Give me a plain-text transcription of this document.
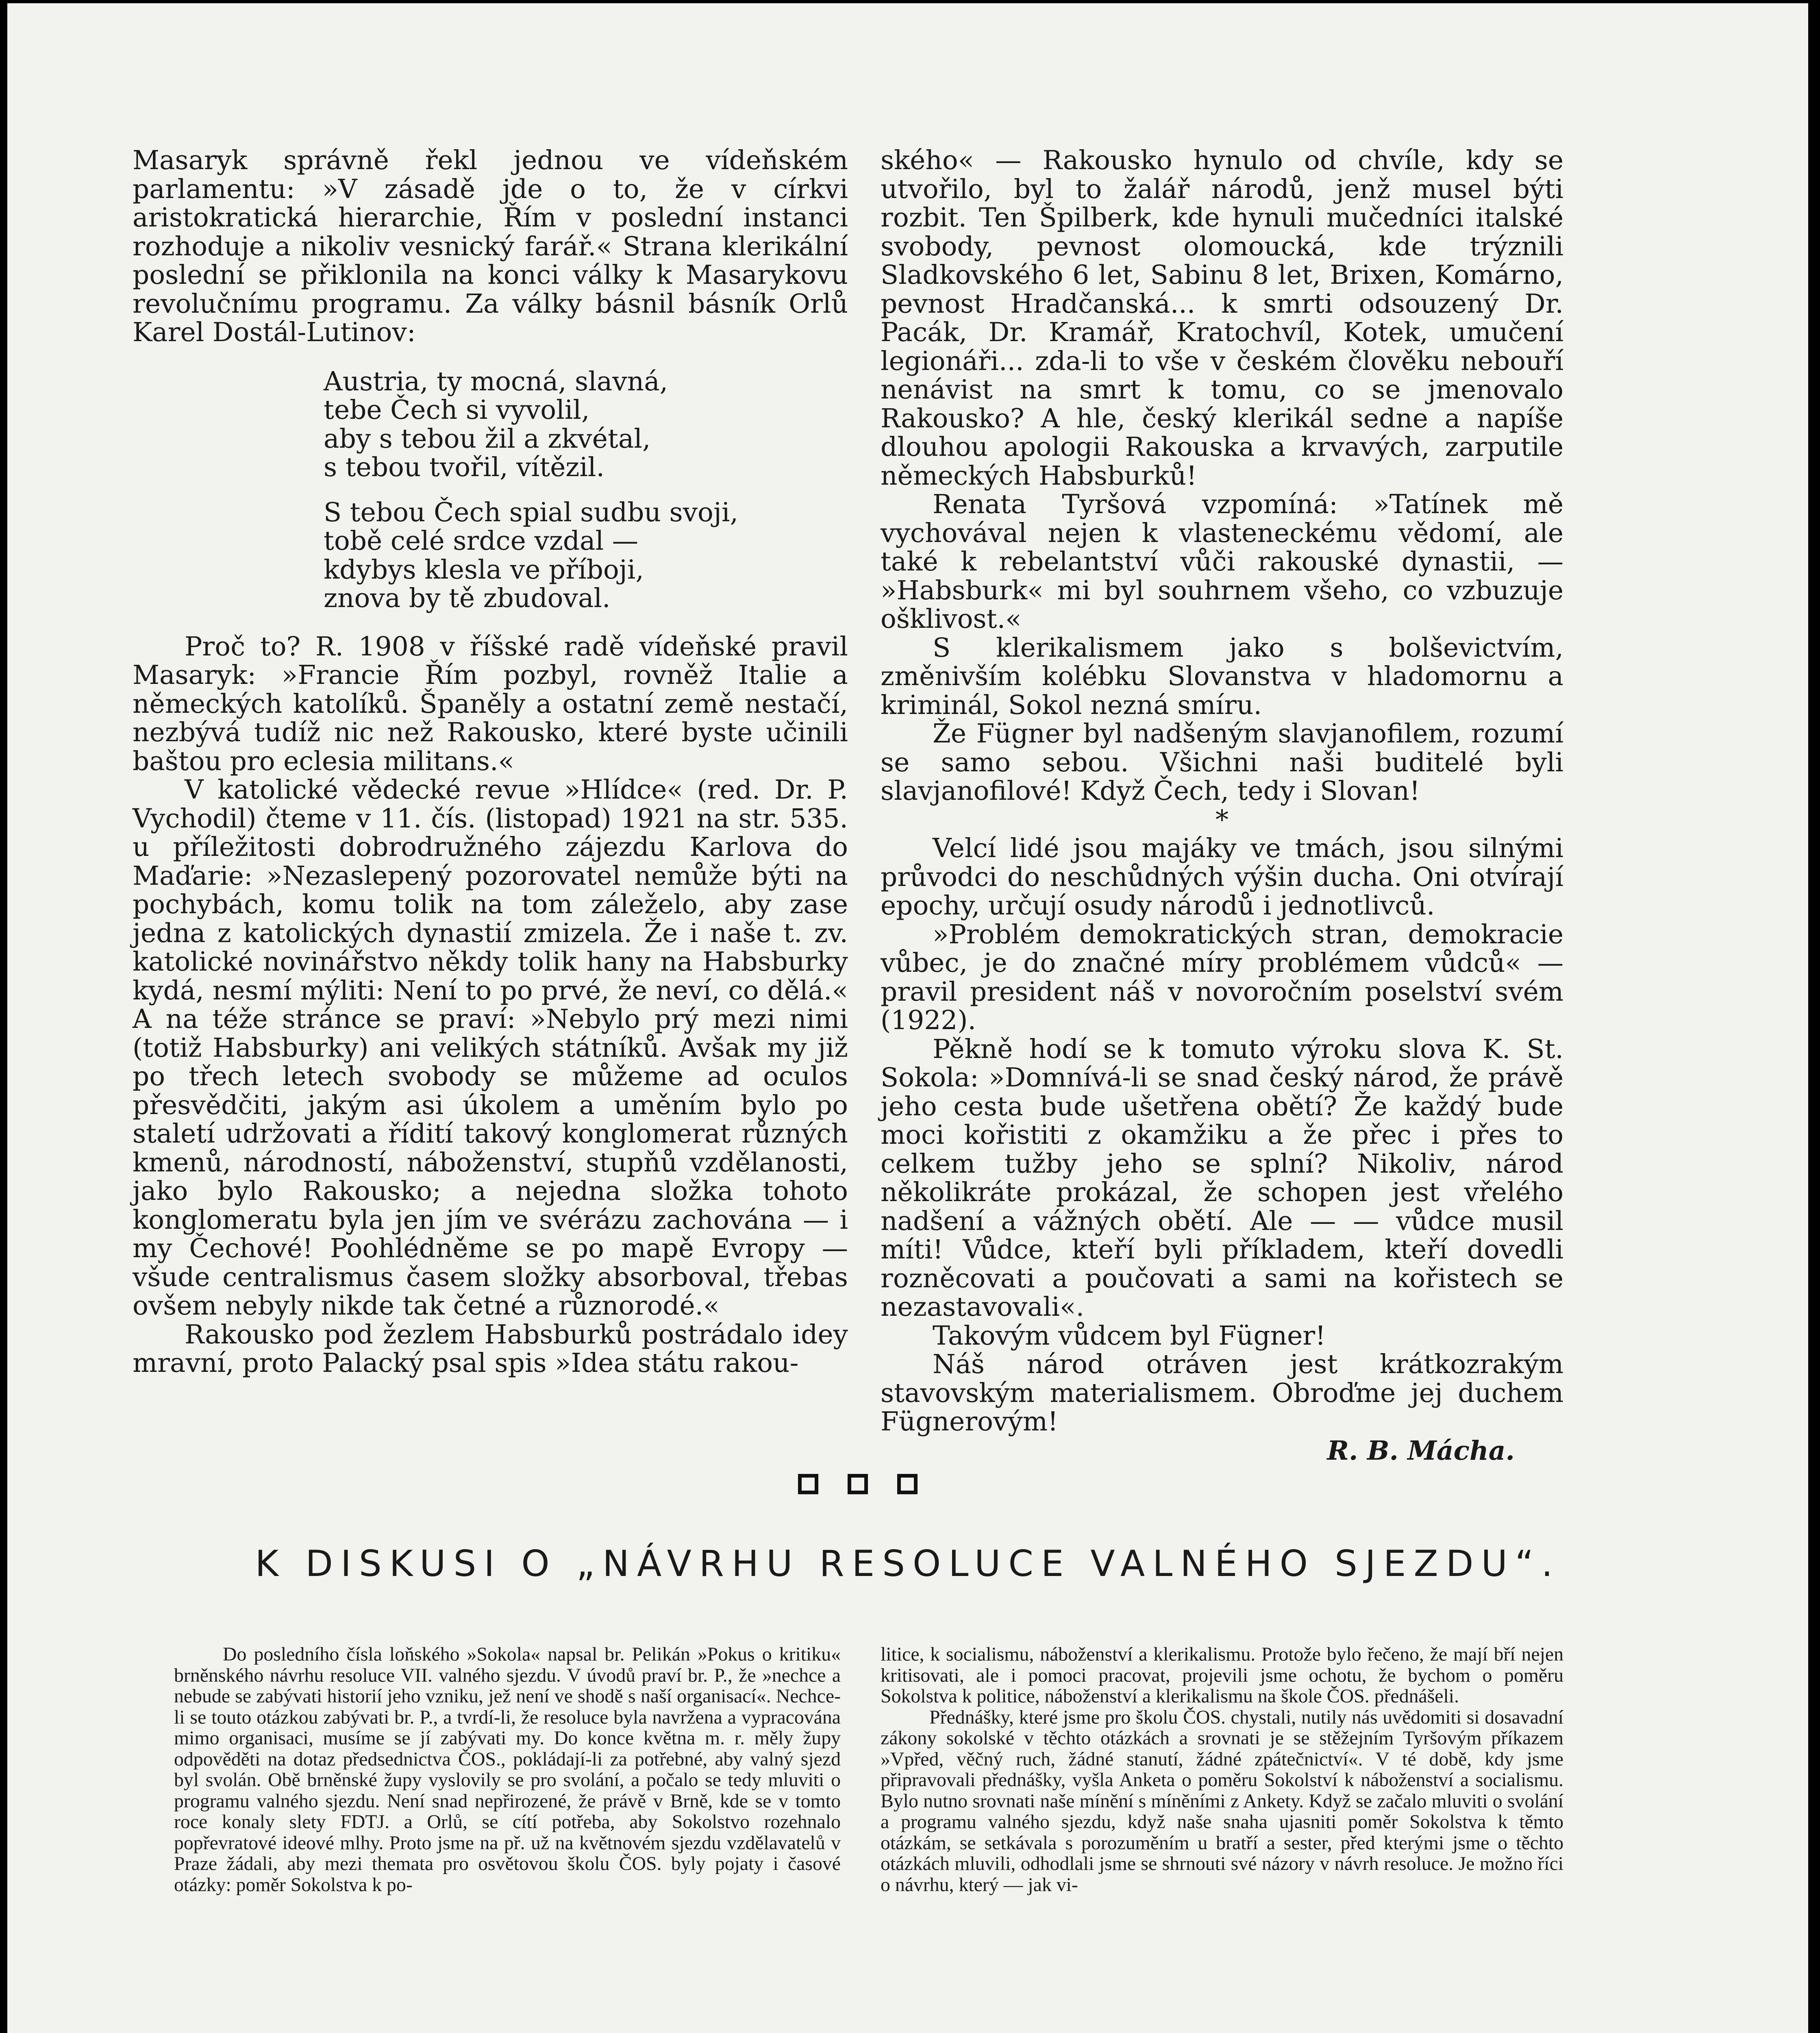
Masaryk správně řekl jednou ve vídeňském parlamentu: »V zásadě jde o to, že v církvi aristokratická hierarchie, Řím v poslední instanci rozhoduje a nikoliv vesnický farář.« Strana klerikální poslední se přiklonila na konci války k Masarykovu revolučnímu programu. Za války básnil básník Orlů Karel Dostál-Lutinov:

Austria, ty mocná, slavná,
tebe Čech si vyvolil,
aby s tebou žil a zkvétal,
s tebou tvořil, vítězil.
S tebou Čech spial sudbu svoji,
tobě celé srdce vzdal —
kdybys klesla ve příboji,
znova by tě zbudoval.

Proč to? R. 1908 v říšské radě vídeňské pravil Masaryk: »Francie Řím pozbyl, rovněž Italie a německých katolíků. Španěly a ostatní země nestačí, nezbývá tudíž nic než Rakousko, které byste učinili baštou pro eclesia militans.«

V katolické vědecké revue »Hlídce« (red. Dr. P. Vychodil) čteme v 11. čís. (listopad) 1921 na str. 535. u příležitosti dobrodružného zájezdu Karlova do Maďarie: »Nezaslepený pozorovatel nemůže býti na pochybách, komu tolik na tom záleželo, aby zase jedna z katolických dynastií zmizela. Že i naše t. zv. katolické novinářstvo někdy tolik hany na Habsburky kydá, nesmí mýliti: Není to po prvé, že neví, co dělá.« A na téže stránce se praví: »Nebylo prý mezi nimi (totiž Habsburky) ani velikých státníků. Avšak my již po třech letech svobody se můžeme ad oculos přesvědčiti, jakým asi úkolem a uměním bylo po staletí udržovati a řídití takový konglomerat různých kmenů, národností, náboženství, stupňů vzdělanosti, jako bylo Rakousko; a nejedna složka tohoto konglomeratu byla jen jím ve svérázu zachována — i my Čechové! Poohlédněme se po mapě Evropy — všude centralismus časem složky absorboval, třebas ovšem nebyly nikde tak četné a různorodé.«

Rakousko pod žezlem Habsburků postrádalo idey mravní, proto Palacký psal spis »Idea státu rakou-

ského« — Rakousko hynulo od chvíle, kdy se utvořilo, byl to žalář národů, jenž musel býti rozbit. Ten Špilberk, kde hynuli mučedníci italské svobody, pevnost olomoucká, kde trýznili Sladkovského 6 let, Sabinu 8 let, Brixen, Komárno, pevnost Hradčanská... k smrti odsouzený Dr. Pacák, Dr. Kramář, Kratochvíl, Kotek, umučení legionáři... zda-li to vše v českém člověku nebouří nenávist na smrt k tomu, co se jmenovalo Rakousko? A hle, český klerikál sedne a napíše dlouhou apologii Rakouska a krvavých, zarputile německých Habsburků!

Renata Tyršová vzpomíná: »Tatínek mě vychovával nejen k vlasteneckému vědomí, ale také k rebelantství vůči rakouské dynastii, — »Habsburk« mi byl souhrnem všeho, co vzbuzuje ošklivost.«

S klerikalismem jako s bolševictvím, změnivším kolébku Slovanstva v hladomornu a kriminál, Sokol nezná smíru.

Že Fügner byl nadšeným slavjanofilem, rozumí se samo sebou. Všichni naši buditelé byli slavjanofilové! Když Čech, tedy i Slovan!

*

Velcí lidé jsou majáky ve tmách, jsou silnými průvodci do neschůdných výšin ducha. Oni otvírají epochy, určují osudy národů i jednotlivců.

»Problém demokratických stran, demokracie vůbec, je do značné míry problémem vůdců« — pravil president náš v novoročním poselství svém (1922).

Pěkně hodí se k tomuto výroku slova K. St. Sokola: »Domnívá-li se snad český národ, že právě jeho cesta bude ušetřena obětí? Že každý bude moci kořistiti z okamžiku a že přec i přes to celkem tužby jeho se splní? Nikoliv, národ několikráte prokázal, že schopen jest vřelého nadšení a vážných obětí. Ale — — vůdce musil míti! Vůdce, kteří byli příkladem, kteří dovedli rozněcovati a poučovati a sami na kořistech se nezastavovali«.

Takovým vůdcem byl Fügner!

Náš národ otráven jest krátkozrakým stavovským materialismem. Obroďme jej duchem Fügnerovým!

R. B. Mácha.

K DISKUSI O „NÁVRHU RESOLUCE VALNÉHO SJEZDU“.

Do posledního čísla loňského »Sokola« napsal br. Pelikán »Pokus o kritiku« brněnského návrhu resoluce VII. valného sjezdu. V úvodů praví br. P., že »nechce a nebude se zabývati historií jeho vzniku, jež není ve shodě s naší organisací«. Nechce-li se touto otázkou zabývati br. P., a tvrdí-li, že resoluce byla navržena a vypracována mimo organisaci, musíme se jí zabývati my. Do konce května m. r. měly župy odpověděti na dotaz předsednictva ČOS., pokládají-li za potřebné, aby valný sjezd byl svolán. Obě brněnské župy vyslovily se pro svolání, a počalo se tedy mluviti o programu valného sjezdu. Není snad nepřirozené, že právě v Brně, kde se v tomto roce konaly slety FDTJ. a Orlů, se cítí potřeba, aby Sokolstvo rozehnalo popřevratové ideové mlhy. Proto jsme na př. už na květnovém sjezdu vzdělavatelů v Praze žádali, aby mezi themata pro osvětovou školu ČOS. byly pojaty i časové otázky: poměr Sokolstva k po-

litice, k socialismu, náboženství a klerikalismu. Protože bylo řečeno, že mají bří nejen kritisovati, ale i pomoci pracovat, projevili jsme ochotu, že bychom o poměru Sokolstva k politice, náboženství a klerikalismu na škole ČOS. přednášeli.

Přednášky, které jsme pro školu ČOS. chystali, nutily nás uvědomiti si dosavadní zákony sokolské v těchto otázkách a srovnati je se stěžejním Tyršovým příkazem »Vpřed, věčný ruch, žádné stanutí, žádné zpátečnictví«. V té době, kdy jsme připravovali přednášky, vyšla Anketa o poměru Sokolství k náboženství a socialismu. Bylo nutno srovnati naše mínění s míněními z Ankety. Když se začalo mluviti o svolání a programu valného sjezdu, když naše snaha ujasniti poměr Sokolstva k těmto otázkám, se setkávala s porozuměním u bratří a sester, před kterými jsme o těchto otázkách mluvili, odhodlali jsme se shrnouti své názory v návrh resoluce. Je možno říci o návrhu, který — jak vi-
